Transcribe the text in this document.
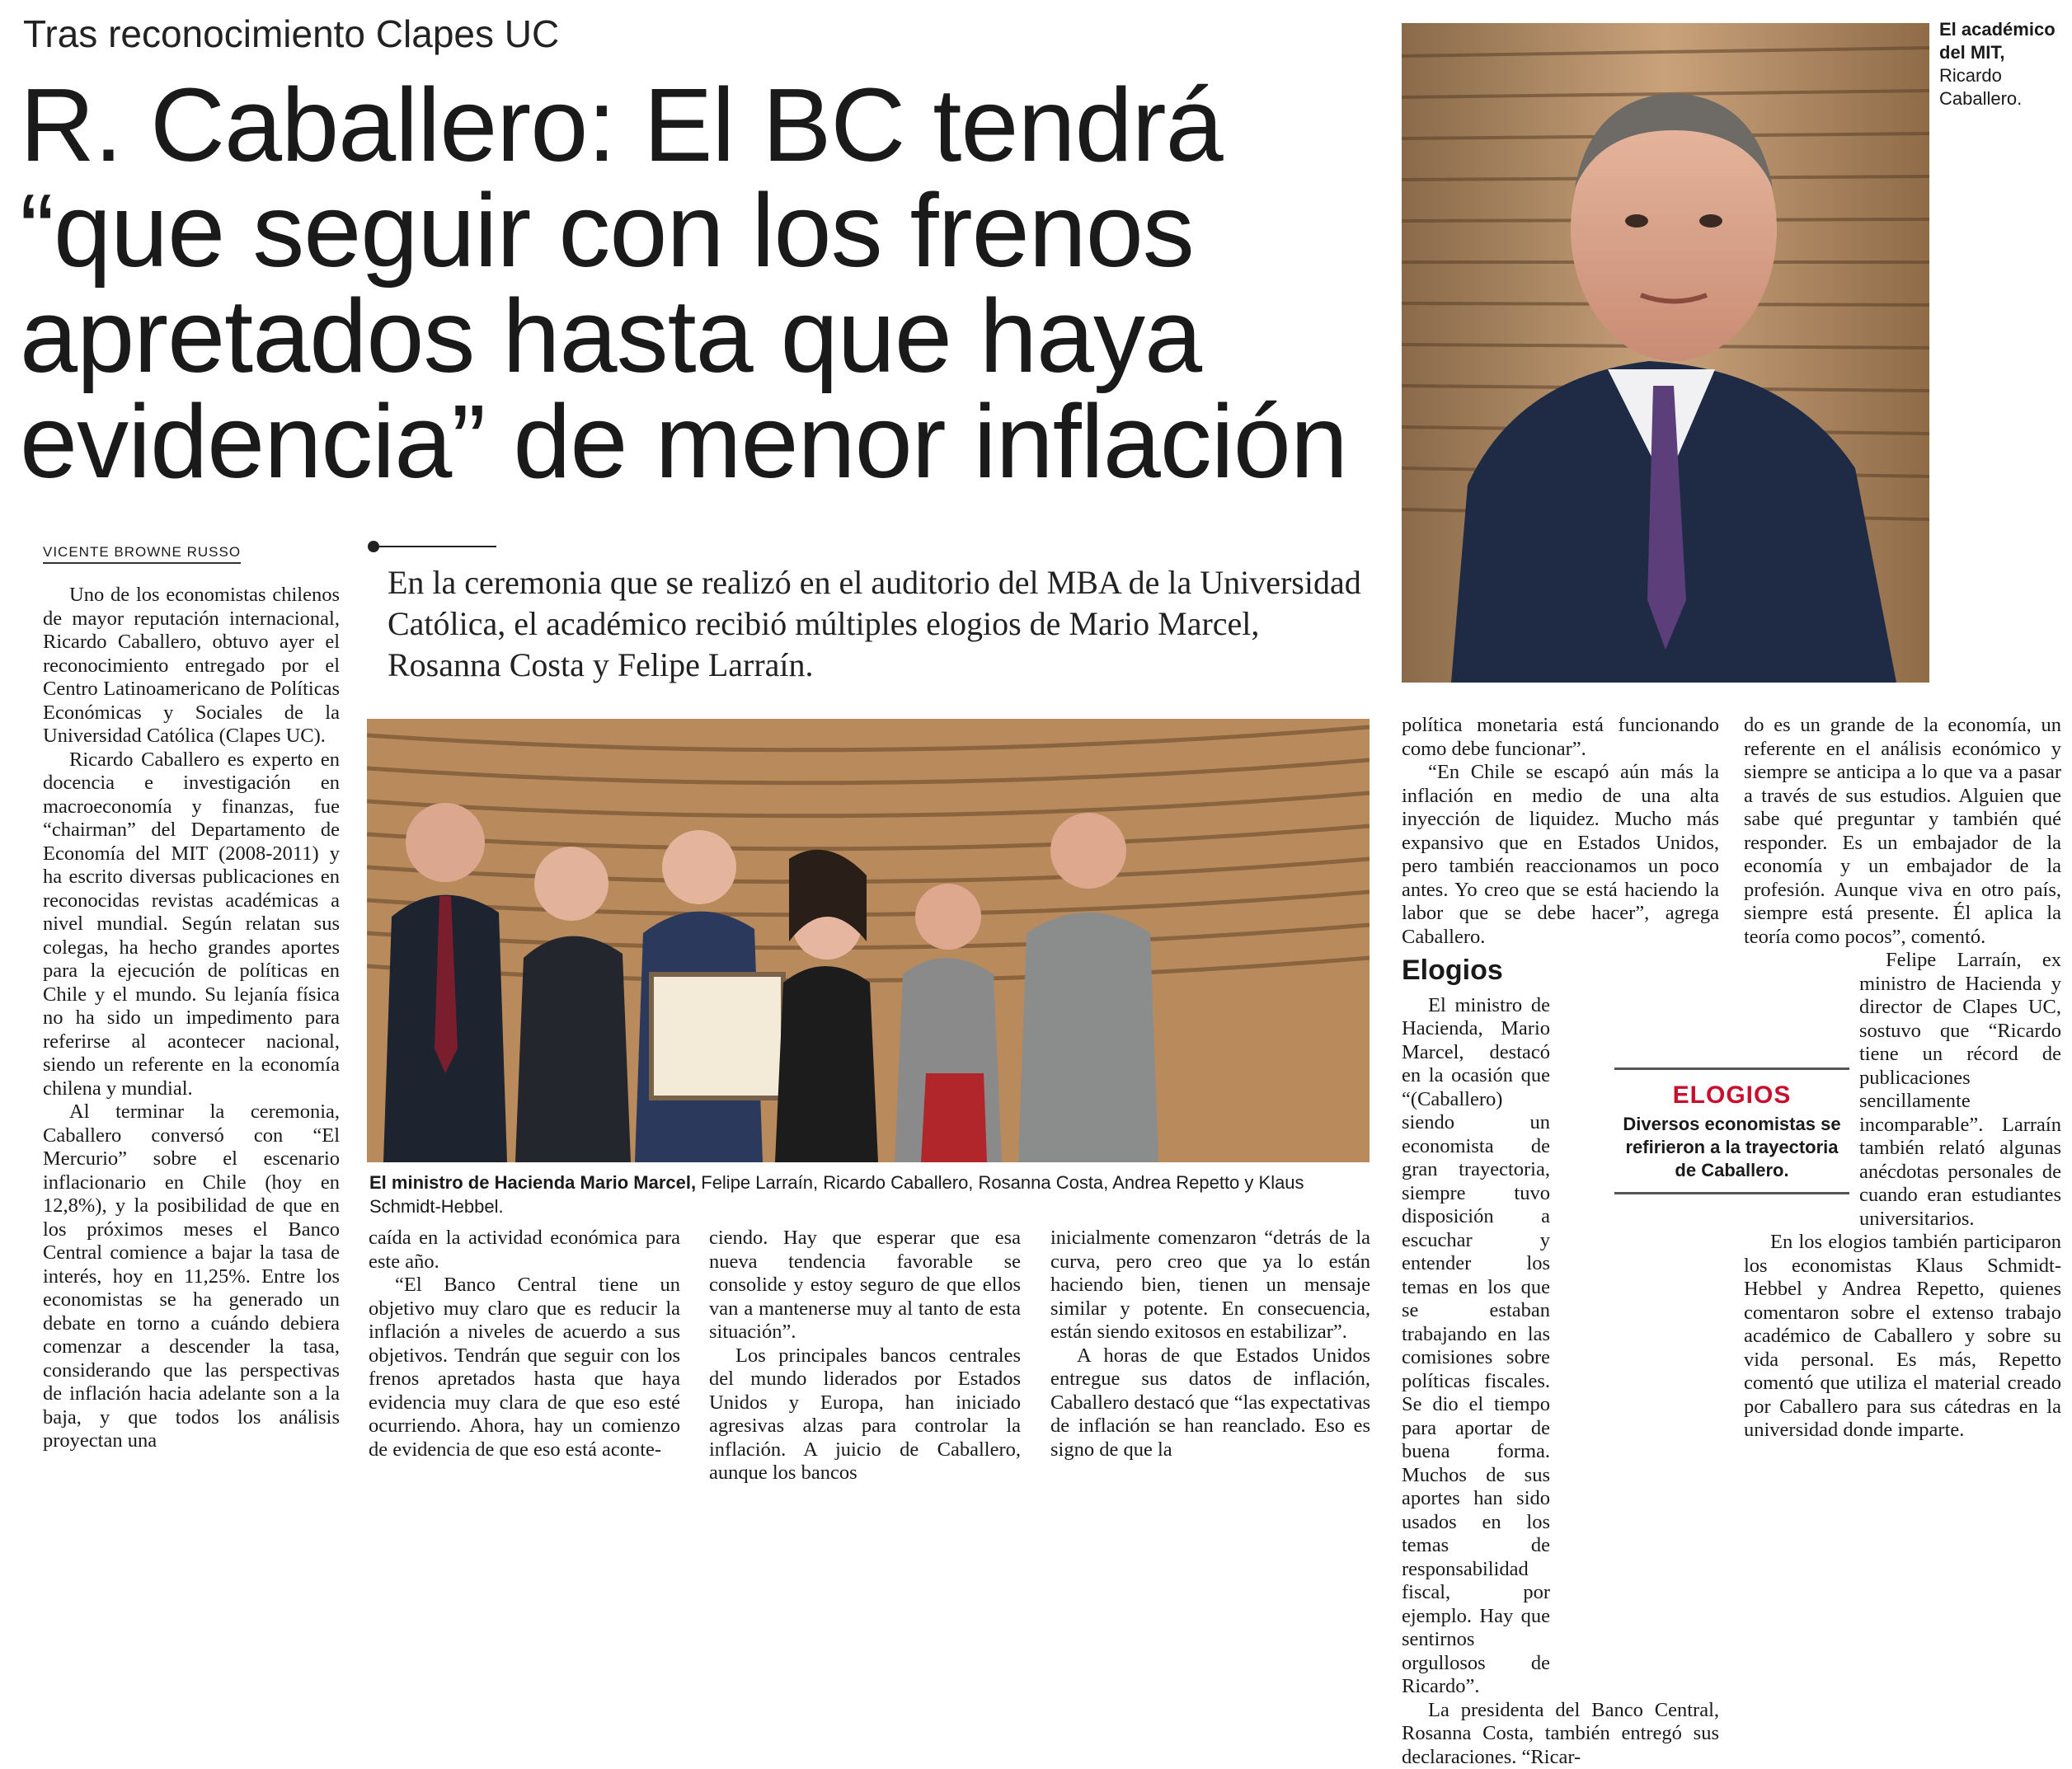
Tras reconocimiento Clapes UC
R. Caballero: El BC tendrá “que seguir con los frenos apretados hasta que haya evidencia” de menor inflación
VICENTE BROWNE RUSSO
En la ceremonia que se realizó en el auditorio del MBA de la Universidad Católica, el académico recibió múltiples elogios de Mario Marcel, Rosanna Costa y Felipe Larraín.
El académico del MIT, Ricardo Caballero.
El ministro de Hacienda Mario Marcel, Felipe Larraín, Ricardo Caballero, Rosanna Costa, Andrea Repetto y Klaus Schmidt-Hebbel.

Uno de los economistas chilenos de mayor reputación internacional, Ricardo Caballero, obtuvo ayer el reconocimiento entregado por el Centro Latinoamericano de Políticas Económicas y Sociales de la Universidad Católica (Clapes UC).

Ricardo Caballero es experto en docencia e investigación en macroeconomía y finanzas, fue “chairman” del Departamento de Economía del MIT (2008-2011) y ha escrito diversas publicaciones en reconocidas revistas académicas a nivel mundial. Según relatan sus colegas, ha hecho grandes aportes para la ejecución de políticas en Chile y el mundo. Su lejanía física no ha sido un impedimento para referirse al acontecer nacional, siendo un referente en la economía chilena y mundial.

Al terminar la ceremonia, Caballero conversó con “El Mercurio” sobre el escenario inflacionario en Chile (hoy en 12,8%), y la posibilidad de que en los próximos meses el Banco Central comience a bajar la tasa de interés, hoy en 11,25%. Entre los economistas se ha generado un debate en torno a cuándo debiera comenzar a descender la tasa, considerando que las perspectivas de inflación hacia adelante son a la baja, y que todos los análisis proyectan una

caída en la actividad económica para este año.

“El Banco Central tiene un objetivo muy claro que es reducir la inflación a niveles de acuerdo a sus objetivos. Tendrán que seguir con los frenos apretados hasta que haya evidencia muy clara de que eso esté ocurriendo. Ahora, hay un comienzo de evidencia de que eso está aconte-

ciendo. Hay que esperar que esa nueva tendencia favorable se consolide y estoy seguro de que ellos van a mantenerse muy al tanto de esta situación”.

Los principales bancos centrales del mundo liderados por Estados Unidos y Europa, han iniciado agresivas alzas para controlar la inflación. A juicio de Caballero, aunque los bancos

inicialmente comenzaron “detrás de la curva, pero creo que ya lo están haciendo bien, tienen un mensaje similar y potente. En consecuencia, están siendo exitosos en estabilizar”.

A horas de que Estados Unidos entregue sus datos de inflación, Caballero destacó que “las expectativas de inflación se han reanclado. Eso es signo de que la

política monetaria está funcionando como debe funcionar”.

“En Chile se escapó aún más la inflación en medio de una alta inyección de liquidez. Mucho más expansivo que en Estados Unidos, pero también reaccionamos un poco antes. Yo creo que se está haciendo la labor que se debe hacer”, agrega Caballero.

Elogios

El ministro de Hacienda, Mario Marcel, destacó en la ocasión que “(Caballero) siendo un economista de gran trayectoria, siempre tuvo disposición a escuchar y entender los temas en los que se estaban trabajando en las comisiones sobre políticas fiscales. Se dio el tiempo para aportar de buena forma. Muchos de sus aportes han sido usados en los temas de responsabilidad fiscal, por ejemplo. Hay que sentirnos orgullosos de Ricardo”.

La presidenta del Banco Central, Rosanna Costa, también entregó sus declaraciones. “Ricar-

ELOGIOS
Diversos economistas se refirieron a la trayectoria de Caballero.

do es un grande de la economía, un referente en el análisis económico y siempre se anticipa a lo que va a pasar a través de sus estudios. Alguien que sabe qué preguntar y también qué responder. Es un embajador de la economía y un embajador de la profesión. Aunque viva en otro país, siempre está presente. Él aplica la teoría como pocos”, comentó.

Felipe Larraín, ex ministro de Hacienda y director de Clapes UC, sostuvo que “Ricardo tiene un récord de publicaciones sencillamente incomparable”. Larraín también relató algunas anécdotas personales de cuando eran estudiantes universitarios.

En los elogios también participaron los economistas Klaus Schmidt-Hebbel y Andrea Repetto, quienes comentaron sobre el extenso trabajo académico de Caballero y sobre su vida personal. Es más, Repetto comentó que utiliza el material creado por Caballero para sus cátedras en la universidad donde imparte.
